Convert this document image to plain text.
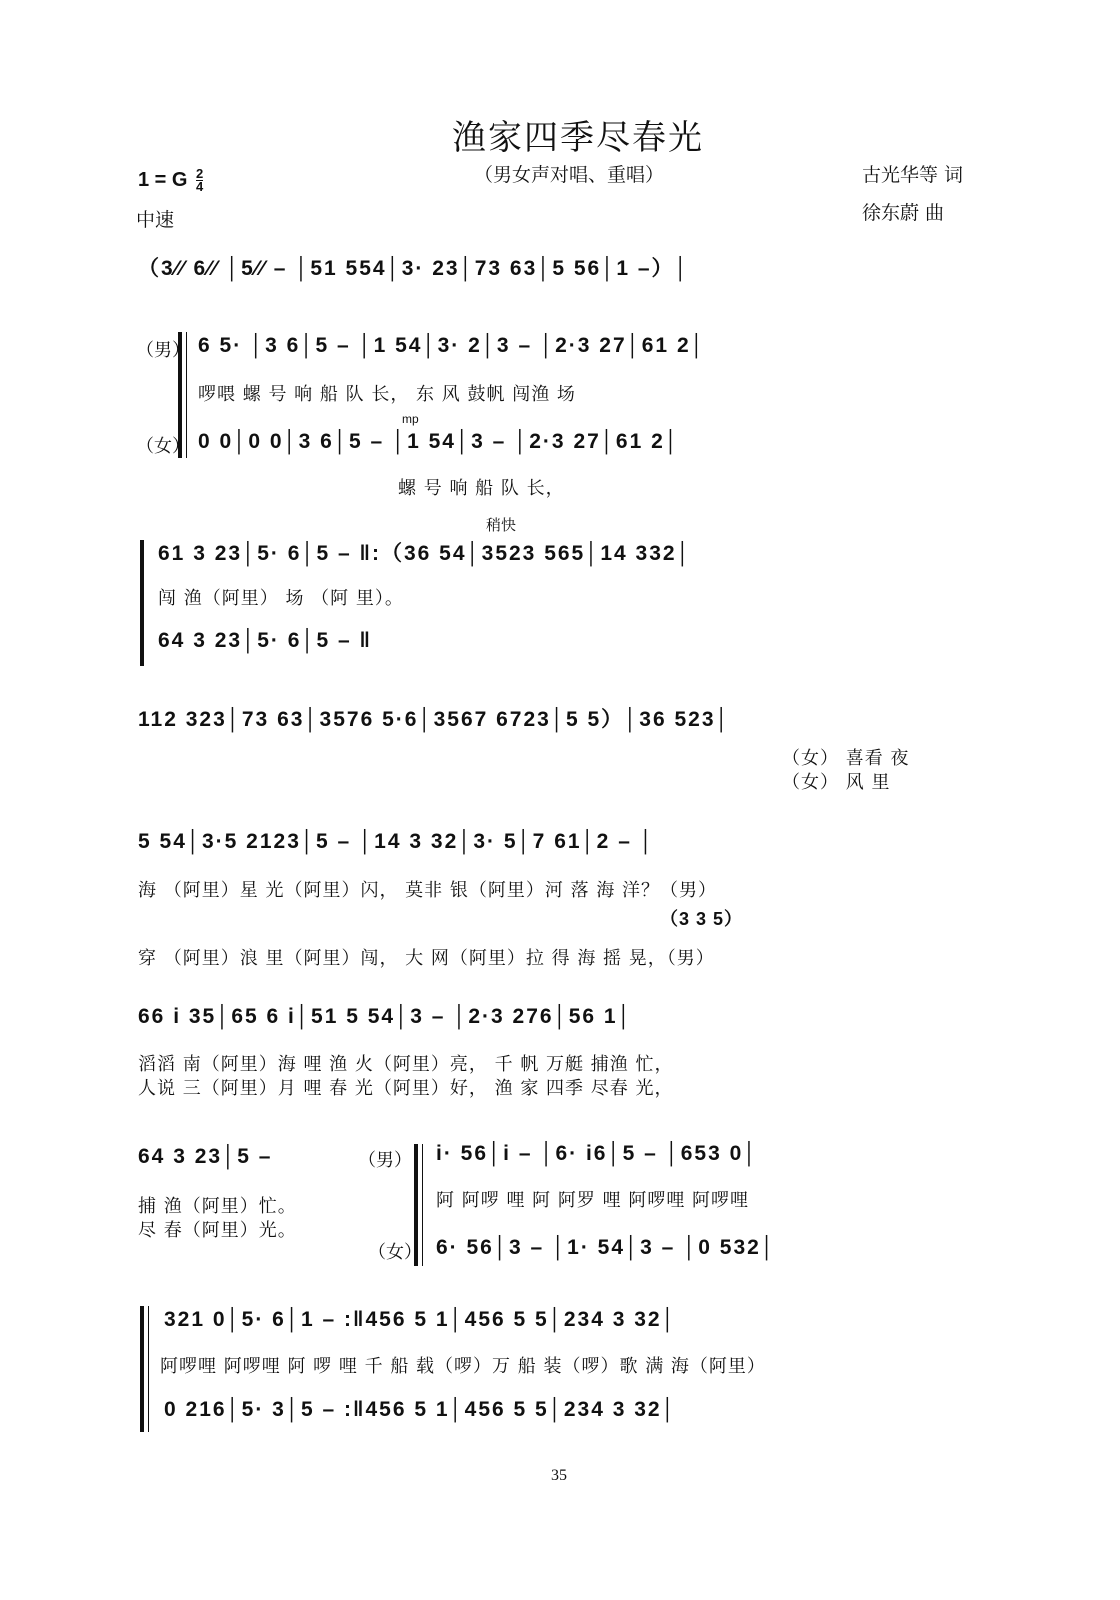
渔家四季尽春光
1 = G $\frac{2}{4}$	（男女声对唱、重唱）	古光华等 词
中速	徐东蔚 曲
（3⁄⁄ 6⁄⁄ │5⁄⁄ – │51 554│3· 23│73 63│5 56│1 –）│
（男） 6 5· │3 6│5 – │1 54│3· 2│3 – │2·3 27│61 2│
啰喂 螺 号 响 船 队 长， 东 风 鼓帆 闯渔 场
mp
（女） 0 0│0 0│3 6│5 – │1 54│3 – │2·3 27│61 2│
螺 号 响 船 队 长，
稍快
61 3 23│5· 6│5 – ‖:（36 54│3523 565│14 332│
闯 渔（阿里） 场 （阿 里）。
64 3 23│5· 6│5 – ‖
112 323│73 63│3576 5·6│3567 6723│5 5）│36 523│
（女） 喜看 夜
（女） 风 里
5 54│3·5 2123│5 – │14 3 32│3· 5│7 61│2 – │
海 （阿里）星 光（阿里）闪， 莫非 银（阿里）河 落 海 洋？（男）
（3 3 5）
穿 （阿里）浪 里（阿里）闯， 大 网（阿里）拉 得 海 摇 晃，（男）
66 i 35│65 6 i│51 5 54│3 – │2·3 276│56 1│
滔滔 南（阿里）海 哩 渔 火（阿里）亮， 千 帆 万艇 捕渔 忙，
人说 三（阿里）月 哩 春 光（阿里）好， 渔 家 四季 尽春 光，
64 3 23│5 –
捕 渔（阿里）忙。
尽 春（阿里）光。
（男）
（女）
i· 56│i – │6· i6│5 – │653 0│
阿 阿啰 哩 阿 阿罗 哩 阿啰哩 阿啰哩
6· 56│3 – │1· 54│3 – │0 532│
321 0│5· 6│1 – :‖456 5 1│456 5 5│234 3 32│
阿啰哩 阿啰哩 阿 啰 哩 千 船 载（啰）万 船 装（啰）歌 满 海（阿里）
0 216│5· 3│5 – :‖456 5 1│456 5 5│234 3 32│
35
